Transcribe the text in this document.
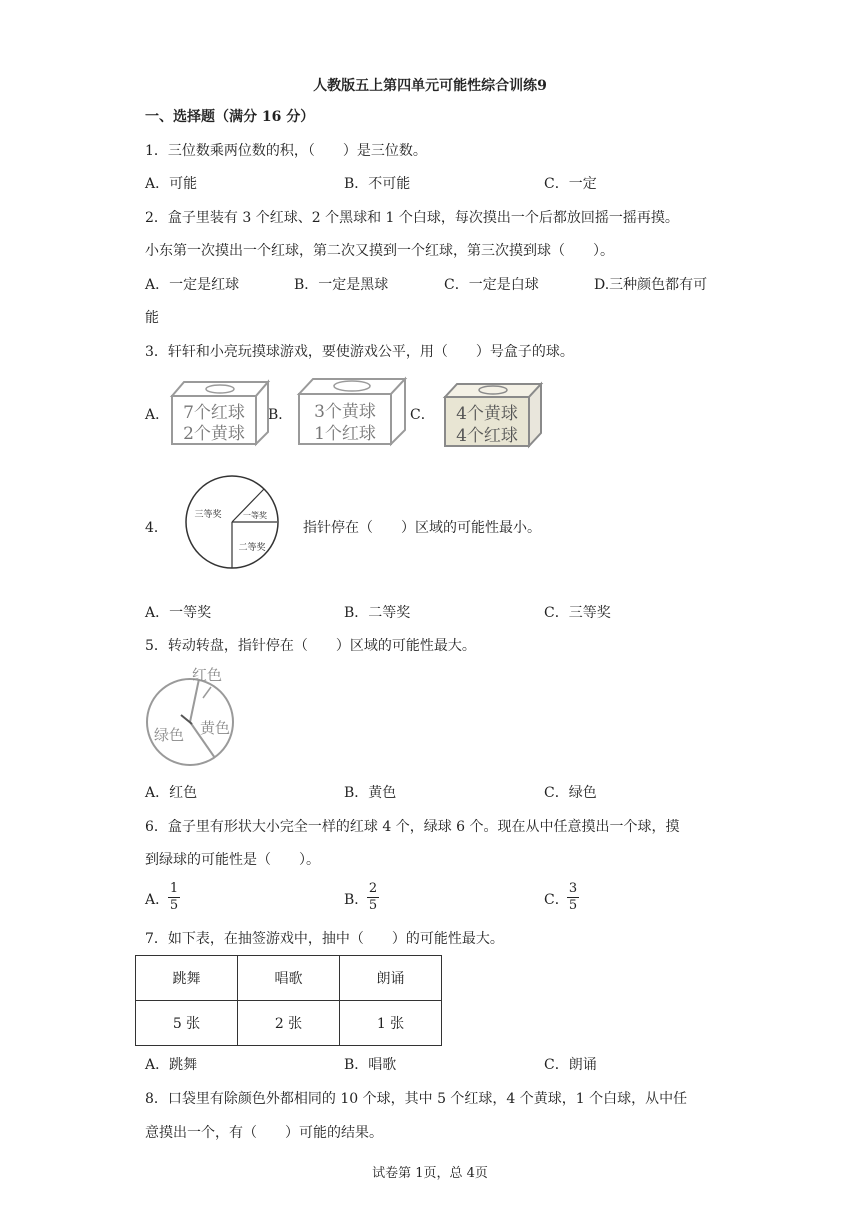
人教版五上第四单元可能性综合训练9
一、选择题（满分 16 分）
1．三位数乘两位数的积，（　　）是三位数。
A．可能	B．不可能	C．一定
2．盒子里装有 3 个红球、2 个黑球和 1 个白球，每次摸出一个后都放回摇一摇再摸。
小东第一次摸出一个红球，第二次又摸到一个红球，第三次摸到球（　　）。
A．一定是红球	B．一定是黑球	C．一定是白球	D.三种颜色都有可
能
3．轩轩和小亮玩摸球游戏，要使游戏公平，用（　　）号盒子的球。
A．	B．	C．
7个红球
2个黄球
3个黄球
1个红球
4个黄球
4个红球
4．
三等奖	一等奖
二等奖
指针停在（　　）区域的可能性最小。
A．一等奖	B．二等奖	C．三等奖
5．转动转盘，指针停在（　　）区域的可能性最大。
红色
黄色
绿色
A．红色	B．黄色	C．绿色
6．盒子里有形状大小完全一样的红球 4 个，绿球 6 个。现在从中任意摸出一个球，摸
到绿球的可能性是（　　）。
A．
$\frac{1}{5}$	B．
$\frac{2}{5}$	C．
$\frac{3}{5}$
7．如下表，在抽签游戏中，抽中（　　）的可能性最大。
跳舞	唱歌	朗诵
5 张	2 张	1 张
A．跳舞	B．唱歌	C．朗诵
8．口袋里有除颜色外都相同的 10 个球，其中 5 个红球，4 个黄球，1 个白球，从中任
意摸出一个，有（　　）可能的结果。
试卷第 1页，总 4页
